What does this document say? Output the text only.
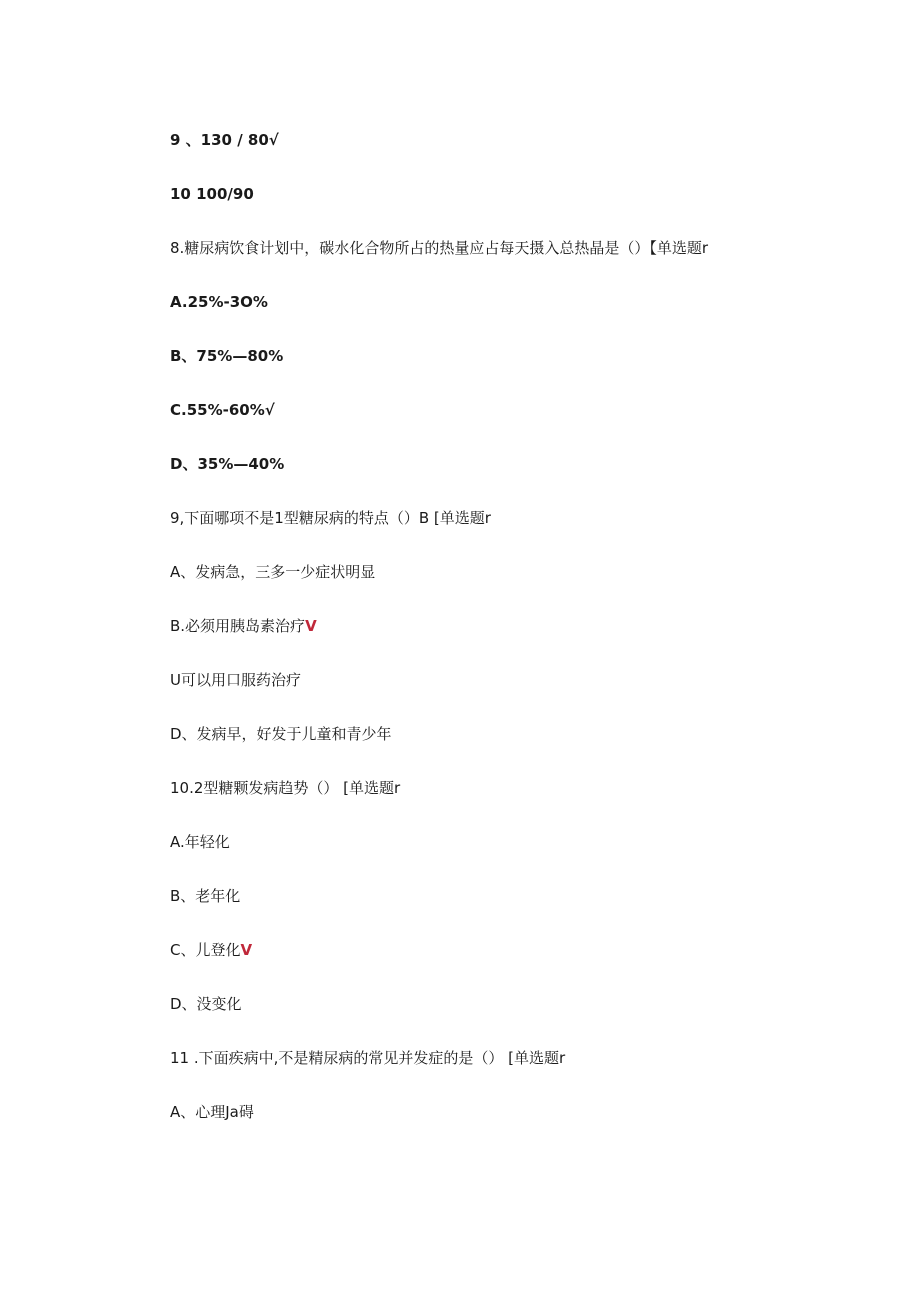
9 、130 / 80√
10 100/90
8.糖尿病饮食计划中，碳水化合物所占的热量应占每天摄入总热晶是（）【单选题r
A.25%-3O%
B、75%—80%
C.55%-60%√
D、35%—40%
9,下面哪项不是1型糖尿病的特点（）B [单选题r
A、发病急，三多一少症状明显
B.必须用胰岛素治疗V
U可以用口服药治疗
D、发病早，好发于儿童和青少年
10.2型糖颗发病趋势（） [单选题r
A.年轻化
B、老年化
C、儿登化V
D、没变化
11 .下面疾病中,不是精尿病的常见并发症的是（） [单选题r
A、心理Ja碍
